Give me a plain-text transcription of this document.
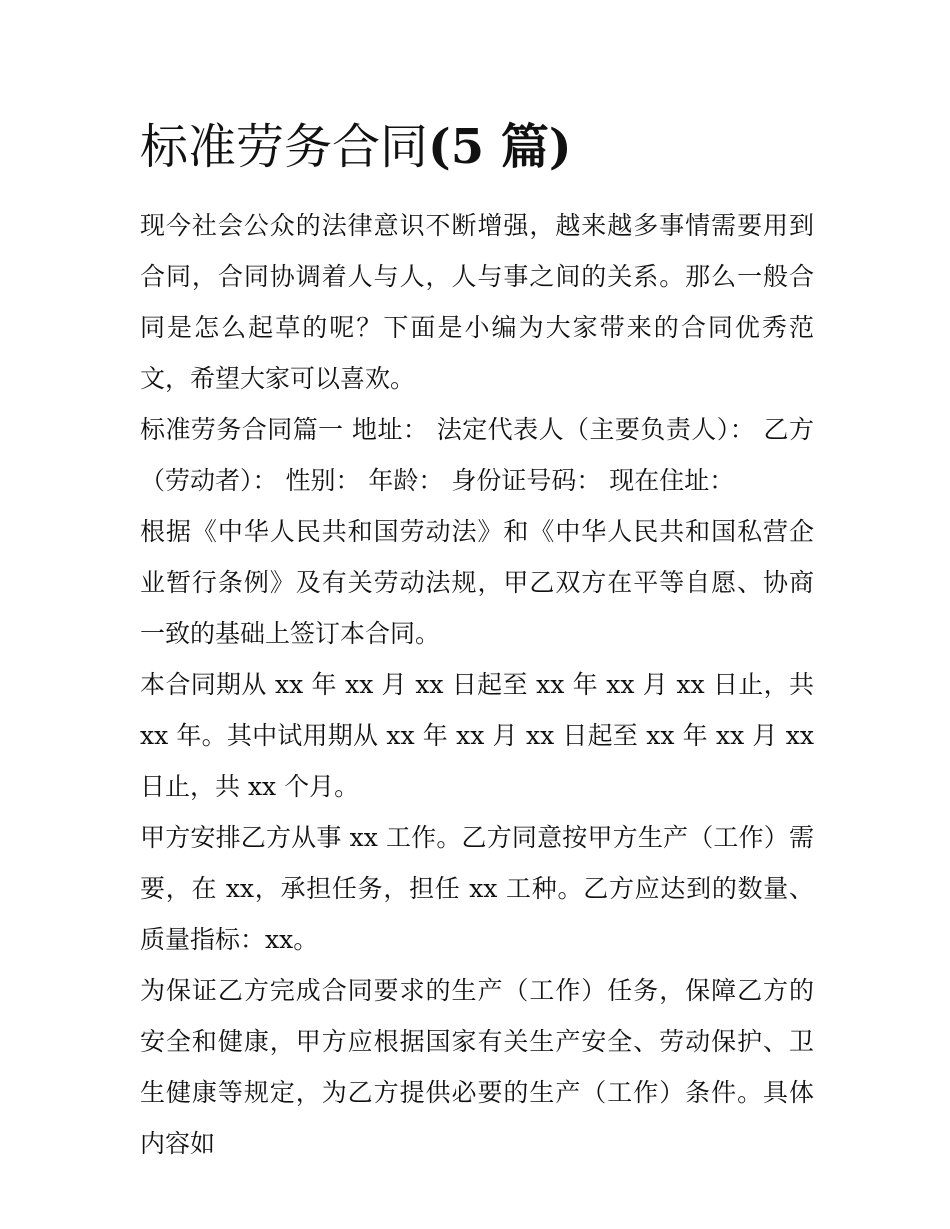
标准劳务合同(5 篇)

现今社会公众的法律意识不断增强，越来越多事情需要用到合同，合同协调着人与人，人与事之间的关系。那么一般合同是怎么起草的呢？下面是小编为大家带来的合同优秀范文，希望大家可以喜欢。

标准劳务合同篇一 地址： 法定代表人（主要负责人）： 乙方（劳动者）： 性别： 年龄： 身份证号码： 现在住址：

根据《中华人民共和国劳动法》和《中华人民共和国私营企业暂行条例》及有关劳动法规，甲乙双方在平等自愿、协商一致的基础上签订本合同。

本合同期从 xx 年 xx 月 xx 日起至 xx 年 xx 月 xx 日止，共 xx 年。其中试用期从 xx 年 xx 月 xx 日起至 xx 年 xx 月 xx 日止，共 xx 个月。

甲方安排乙方从事 xx 工作。乙方同意按甲方生产（工作）需要，在 xx，承担任务，担任 xx 工种。乙方应达到的数量、质量指标：xx。

为保证乙方完成合同要求的生产（工作）任务，保障乙方的安全和健康，甲方应根据国家有关生产安全、劳动保护、卫生健康等规定，为乙方提供必要的生产（工作）条件。具体内容如
